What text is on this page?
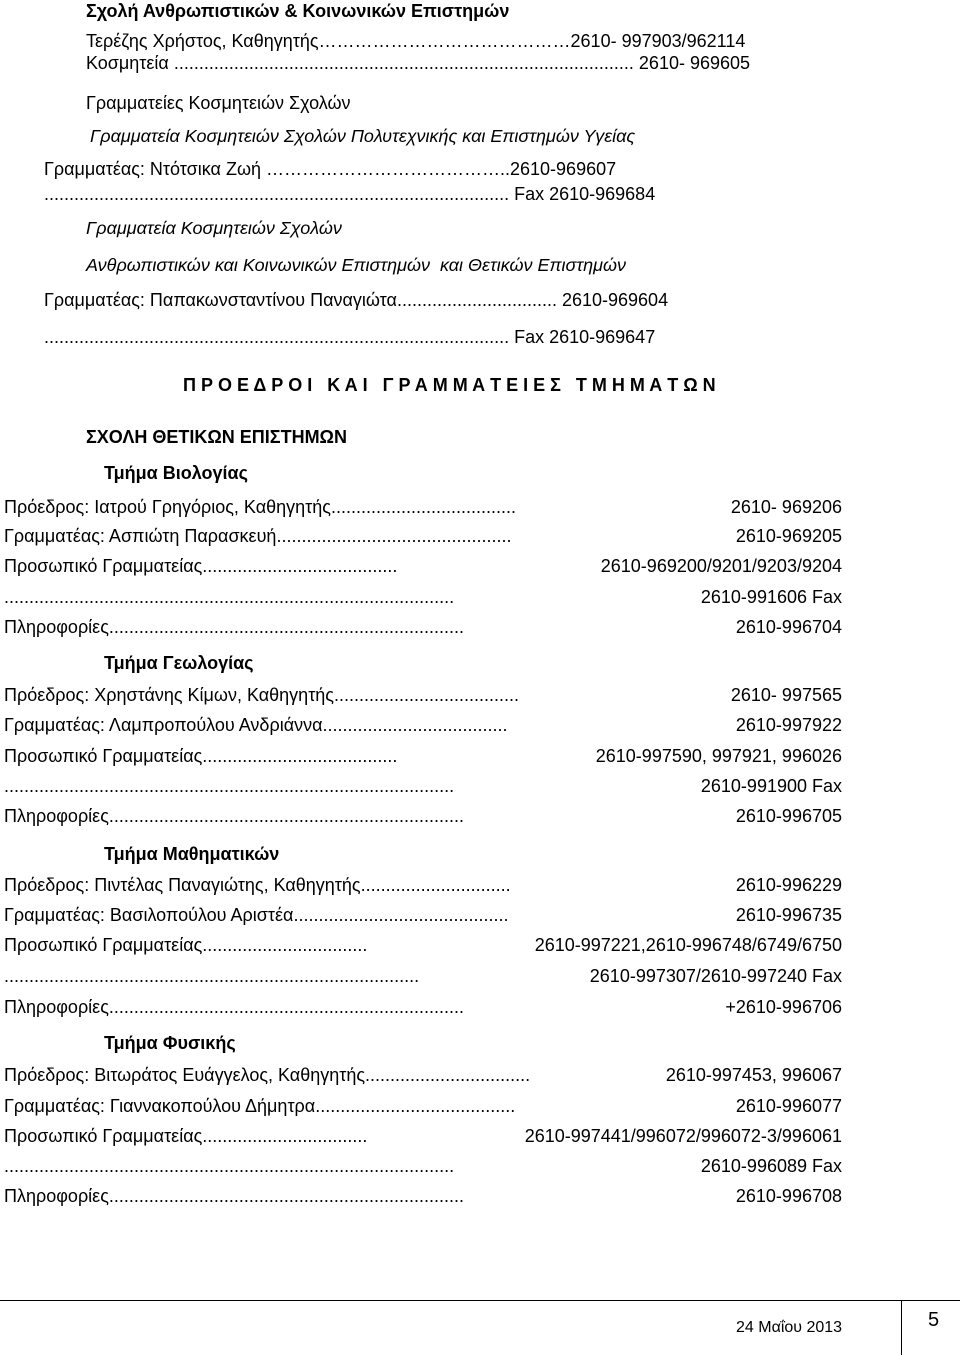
Σχολή Ανθρωπιστικών & Κοινωνικών Επιστημών

Τερέζης Χρήστος, Καθηγητής……………………………………2610- 997903/962114

Κοσμητεία ............................................................................................ 2610- 969605

Γραμματείες Κοσμητειών Σχολών

Γραμματεία Κοσμητειών Σχολών Πολυτεχνικής και Επιστημών Υγείας

Γραμματέας: Ντότσικα Ζωή …………………………………..2610-969607

............................................................................................. Fax 2610-969684

Γραμματεία Κοσμητειών Σχολών

Ανθρωπιστικών και Κοινωνικών Επιστημών  και Θετικών Επιστημών

Γραμματέας: Παπακωνσταντίνου Παναγιώτα................................ 2610-969604

............................................................................................. Fax 2610-969647

Π Ρ Ο Ε Δ Ρ Ο Ι   Κ Α Ι   Γ Ρ Α Μ Μ Α Τ Ε Ι Ε Σ   Τ Μ Η Μ Α Τ Ω Ν

ΣΧΟΛΗ ΘΕΤΙΚΩΝ ΕΠΙΣΤΗΜΩΝ

Τμήμα Βιολογίας

Πρόεδρος: Ιατρού Γρηγόριος, Καθηγητής .....................................	2610- 969206
Γραμματέας: Ασπιώτη Παρασκευή ...............................................	2610-969205
Προσωπικό Γραμματείας .......................................	2610-969200/9201/9203/9204
..........................................................................................	2610-991606 Fax
Πληροφορίες .......................................................................	2610-996704

Τμήμα Γεωλογίας

Πρόεδρος: Χρηστάνης Κίμων, Καθηγητής .....................................	2610- 997565
Γραμματέας: Λαμπροπούλου Ανδριάννα .....................................	2610-997922
Προσωπικό Γραμματείας .......................................	2610-997590, 997921, 996026
..........................................................................................	2610-991900 Fax
Πληροφορίες .......................................................................	2610-996705

Τμήμα Μαθηματικών

Πρόεδρος: Πιντέλας Παναγιώτης, Καθηγητής ..............................	2610-996229
Γραμματέας: Βασιλοπούλου Αριστέα ...........................................	2610-996735
Προσωπικό Γραμματείας .................................	2610-997221,2610-996748/6749/6750
...................................................................................	2610-997307/2610-997240 Fax
Πληροφορίες .......................................................................	+2610-996706

Τμήμα Φυσικής

Πρόεδρος: Βιτωράτος Ευάγγελος, Καθηγητής .................................	2610-997453, 996067
Γραμματέας: Γιαννακοπούλου Δήμητρα ........................................	2610-996077
Προσωπικό Γραμματείας .................................	2610-997441/996072/996072-3/996061
..........................................................................................	2610-996089 Fax
Πληροφορίες .......................................................................	2610-996708
24 Μαΐου 2013	5
